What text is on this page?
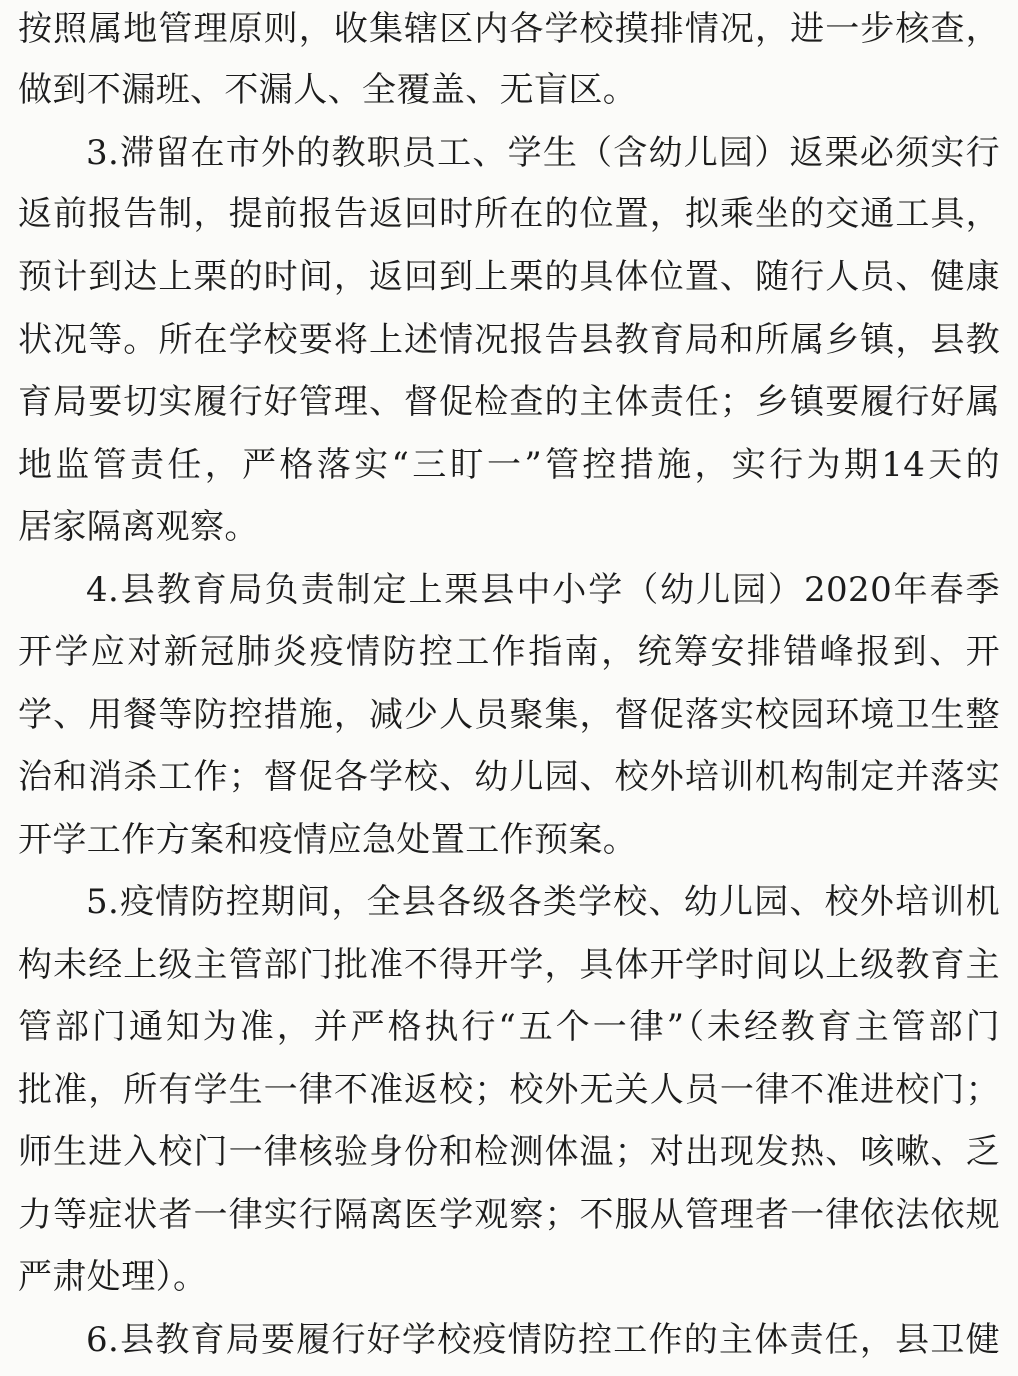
按照属地管理原则，收集辖区内各学校摸排情况，进一步核查，
做到不漏班、不漏人、全覆盖、无盲区。
3.滞留在市外的教职员工、学生（含幼儿园）返栗必须实行
返前报告制，提前报告返回时所在的位置，拟乘坐的交通工具，
预计到达上栗的时间，返回到上栗的具体位置、随行人员、健康
状况等。所在学校要将上述情况报告县教育局和所属乡镇，县教
育局要切实履行好管理、督促检查的主体责任；乡镇要履行好属
地监管责任，严格落实“三盯一”管控措施，实行为期14天的
居家隔离观察。
4.县教育局负责制定上栗县中小学（幼儿园）2020年春季
开学应对新冠肺炎疫情防控工作指南，统筹安排错峰报到、开
学、用餐等防控措施，减少人员聚集，督促落实校园环境卫生整
治和消杀工作；督促各学校、幼儿园、校外培训机构制定并落实
开学工作方案和疫情应急处置工作预案。
5.疫情防控期间，全县各级各类学校、幼儿园、校外培训机
构未经上级主管部门批准不得开学，具体开学时间以上级教育主
管部门通知为准，并严格执行“五个一律”（未经教育主管部门
批准，所有学生一律不准返校；校外无关人员一律不准进校门；
师生进入校门一律核验身份和检测体温；对出现发热、咳嗽、乏
力等症状者一律实行隔离医学观察；不服从管理者一律依法依规
严肃处理）。
6.县教育局要履行好学校疫情防控工作的主体责任，县卫健
